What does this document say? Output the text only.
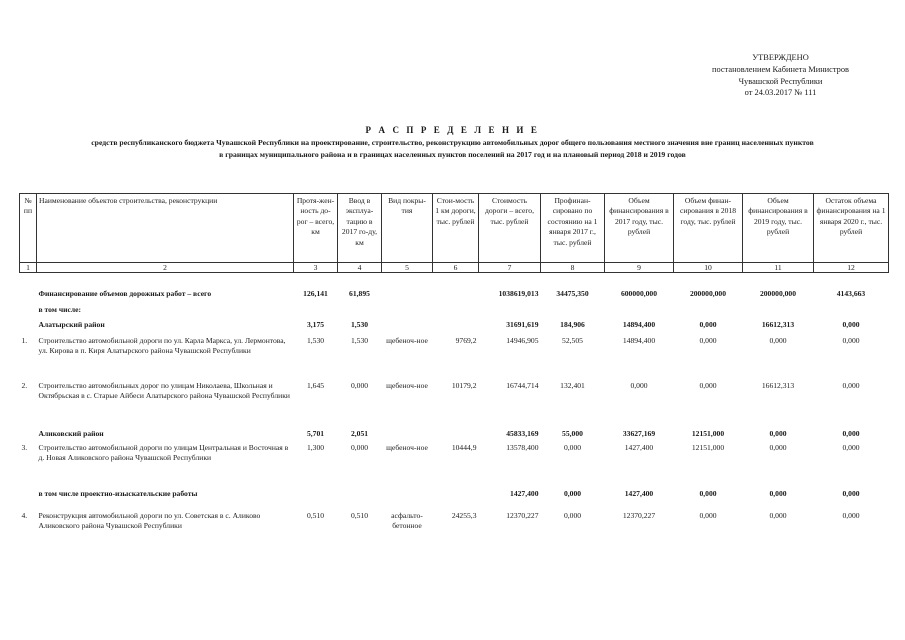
УТВЕРЖДЕНО
постановлением Кабинета Министров
Чувашской Республики
от 24.03.2017 № 111
Р А С П Р Е Д Е Л Е Н И Е
средств республиканского бюджета Чувашской Республики на проектирование, строительство, реконструкцию автомобильных дорог общего пользования местного значения вне границ населенных пунктов
в границах муниципального района и в границах населенных пунктов поселений на 2017 год и на плановый период 2018 и 2019 годов
№ пп	Наименование объектов строительства, реконструкции	Протя-жен-ность до-рог – всего, км	Ввод в эксплуа-тацию в 2017 го-ду, км	Вид покры-тия	Стои-мость 1 км дороги, тыс. рублей	Стоимость дороги – всего, тыс. рублей	Профинан-сировано по состоянию на 1 января 2017 г., тыс. рублей	Объем финансирования в 2017 году, тыс. рублей	Объем финан-сирования в 2018 году, тыс. рублей	Объем финансирования в 2019 году, тыс. рублей	Остаток объема финансирования на 1 января 2020 г., тыс. рублей
1	2	3	4	5	6	7	8	9	10	11	12

	Финансирование объемов дорожных работ – всего	126,141	61,895			1038619,013	34475,350	600000,000	200000,000	200000,000	4143,663
	в том числе:										
	Алатырский район	3,175	1,530			31691,619	184,906	14894,400	0,000	16612,313	0,000
1.	Строительство автомобильной дороги по ул. Карла Маркса, ул. Лермонтова, ул. Кирова в п. Киря Алатырского района Чувашской Республики	1,530	1,530	щебеноч-ное	9769,2	14946,905	52,505	14894,400	0,000	0,000	0,000
2.	Строительство автомобильных дорог по улицам Николаева, Школьная и Октябрьская в с. Старые Айбеси Алатырского района Чувашской Республики	1,645	0,000	щебеноч-ное	10179,2	16744,714	132,401	0,000	0,000	16612,313	0,000
	Аликовский район	5,701	2,051			45833,169	55,000	33627,169	12151,000	0,000	0,000
3.	Строительство автомобильной дороги по улицам Центральная и Восточная в д. Новая Аликовского района Чувашской Республики	1,300	0,000	щебеноч-ное	10444,9	13578,400	0,000	1427,400	12151,000	0,000	0,000
	в том числе проектно-изыскательские работы					1427,400	0,000	1427,400	0,000	0,000	0,000
4.	Реконструкция автомобильной дороги по ул. Советская в с. Аликово Аликовского района Чувашской Республики	0,510	0,510	асфальто-бетонное	24255,3	12370,227	0,000	12370,227	0,000	0,000	0,000
